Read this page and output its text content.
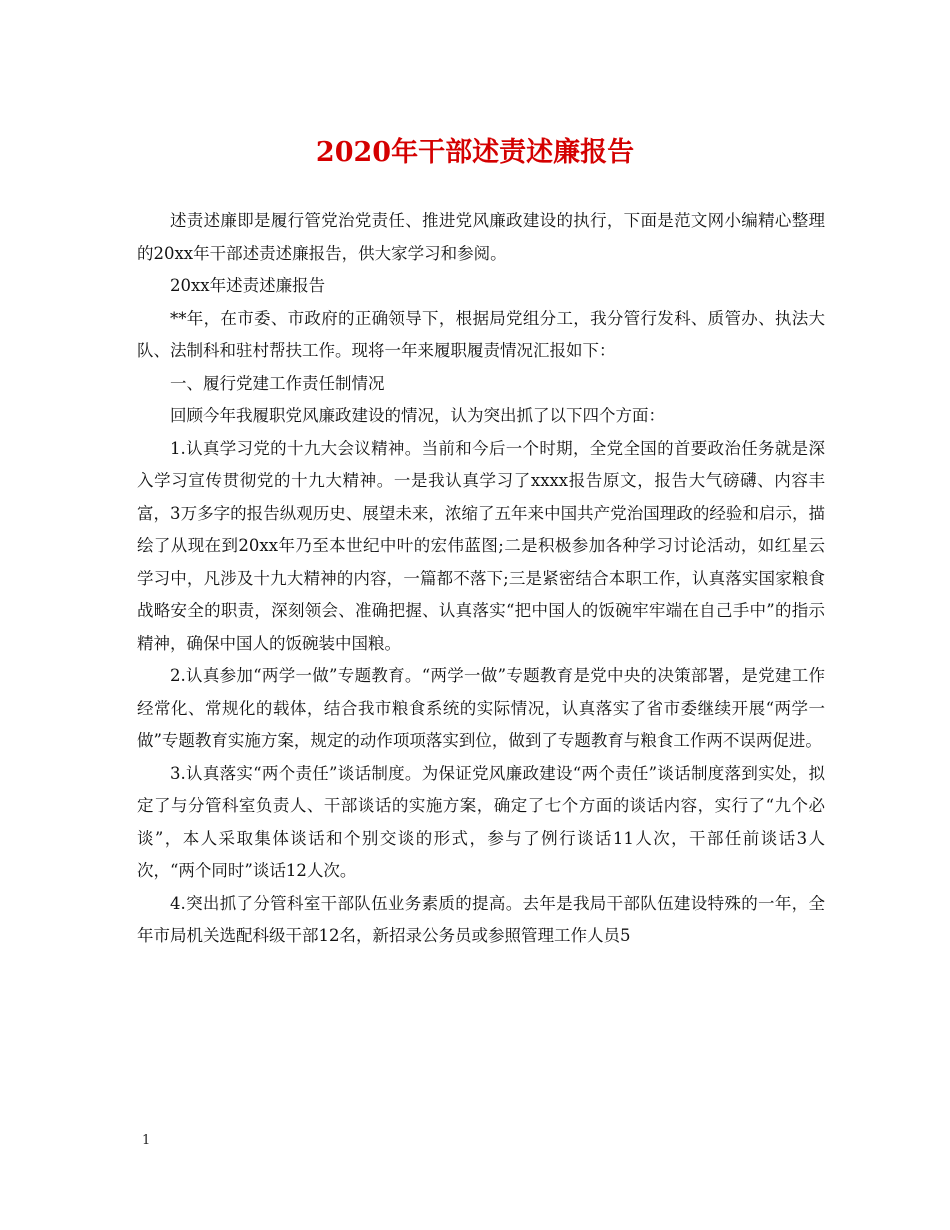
2020年干部述责述廉报告

述责述廉即是履行管党治党责任、推进党风廉政建设的执行，下面是范文网小编精心整理的20xx年干部述责述廉报告，供大家学习和参阅。

20xx年述责述廉报告

**年，在市委、市政府的正确领导下，根据局党组分工，我分管行发科、质管办、执法大队、法制科和驻村帮扶工作。现将一年来履职履责情况汇报如下：

一、履行党建工作责任制情况

回顾今年我履职党风廉政建设的情况，认为突出抓了以下四个方面：

1.认真学习党的十九大会议精神。当前和今后一个时期，全党全国的首要政治任务就是深入学习宣传贯彻党的十九大精神。一是我认真学习了xxxx报告原文，报告大气磅礴、内容丰富，3万多字的报告纵观历史、展望未来，浓缩了五年来中国共产党治国理政的经验和启示，描绘了从现在到20xx年乃至本世纪中叶的宏伟蓝图;二是积极参加各种学习讨论活动，如红星云学习中，凡涉及十九大精神的内容，一篇都不落下;三是紧密结合本职工作，认真落实国家粮食战略安全的职责，深刻领会、准确把握、认真落实“把中国人的饭碗牢牢端在自己手中”的指示精神，确保中国人的饭碗装中国粮。

2.认真参加“两学一做”专题教育。“两学一做”专题教育是党中央的决策部署，是党建工作经常化、常规化的载体，结合我市粮食系统的实际情况，认真落实了省市委继续开展“两学一做”专题教育实施方案，规定的动作项项落实到位，做到了专题教育与粮食工作两不误两促进。

3.认真落实“两个责任”谈话制度。为保证党风廉政建设“两个责任”谈话制度落到实处，拟定了与分管科室负责人、干部谈话的实施方案，确定了七个方面的谈话内容，实行了“九个必谈”，本人采取集体谈话和个别交谈的形式，参与了例行谈话11人次，干部任前谈话3人次，“两个同时”谈话12人次。

4.突出抓了分管科室干部队伍业务素质的提高。去年是我局干部队伍建设特殊的一年，全年市局机关选配科级干部12名，新招录公务员或参照管理工作人员5

1
